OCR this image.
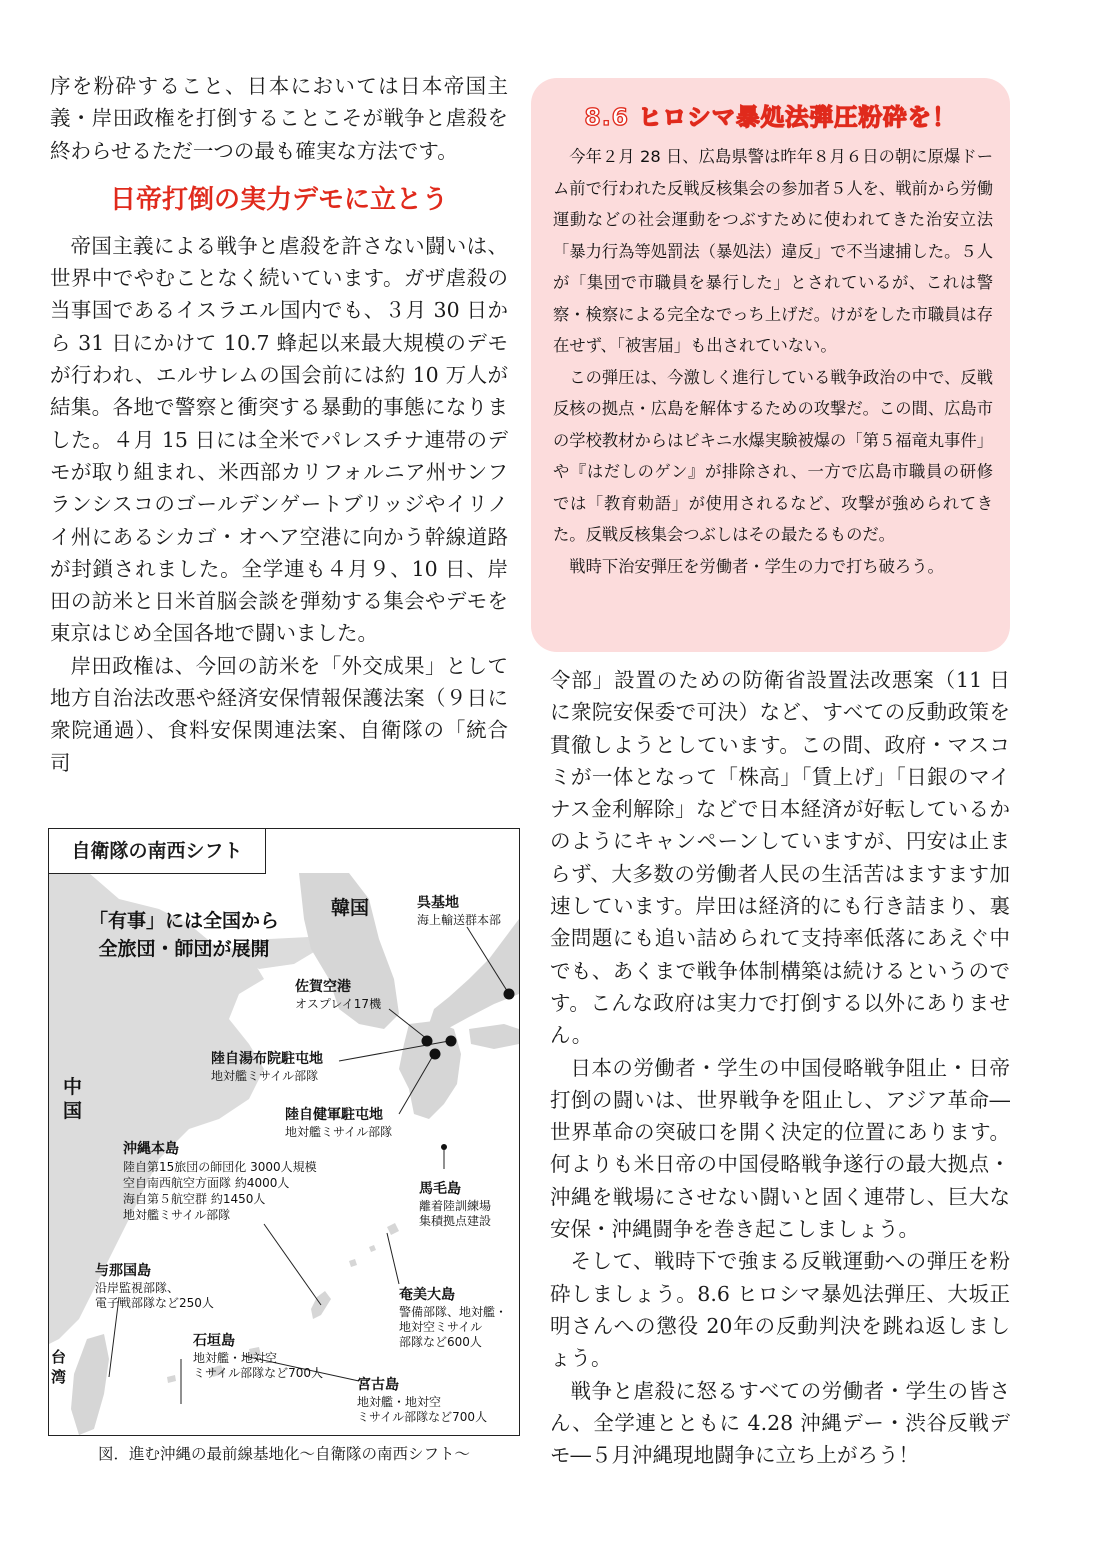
序を粉砕すること、日本においては日本帝国主義・岸田政権を打倒することこそが戦争と虐殺を終わらせるただ一つの最も確実な方法です。

日帝打倒の実力デモに立とう

帝国主義による戦争と虐殺を許さない闘いは、世界中でやむことなく続いています。ガザ虐殺の当事国であるイスラエル国内でも、３月 30 日から 31 日にかけて 10.7 蜂起以来最大規模のデモが行われ、エルサレムの国会前には約 10 万人が結集。各地で警察と衝突する暴動的事態になりました。４月 15 日には全米でパレスチナ連帯のデモが取り組まれ、米西部カリフォルニア州サンフランシスコのゴールデンゲートブリッジやイリノイ州にあるシカゴ・オヘア空港に向かう幹線道路が封鎖されました。全学連も４月９、10 日、岸田の訪米と日米首脳会談を弾劾する集会やデモを東京はじめ全国各地で闘いました。

岸田政権は、今回の訪米を「外交成果」として地方自治法改悪や経済安保情報保護法案（９日に衆院通過）、食料安保関連法案、自衛隊の「統合司

8.6 ヒロシマ暴処法弾圧粉砕を！

今年２月 28 日、広島県警は昨年８月６日の朝に原爆ドーム前で行われた反戦反核集会の参加者５人を、戦前から労働運動などの社会運動をつぶすために使われてきた治安立法「暴力行為等処罰法（暴処法）違反」で不当逮捕した。５人が「集団で市職員を暴行した」とされているが、これは警察・検察による完全なでっち上げだ。けがをした市職員は存在せず、「被害届」も出されていない。

この弾圧は、今激しく進行している戦争政治の中で、反戦反核の拠点・広島を解体するための攻撃だ。この間、広島市の学校教材からはビキニ水爆実験被爆の「第５福竜丸事件」や『はだしのゲン』が排除され、一方で広島市職員の研修では「教育勅語」が使用されるなど、攻撃が強められてきた。反戦反核集会つぶしはその最たるものだ。

戦時下治安弾圧を労働者・学生の力で打ち破ろう。

令部」設置のための防衛省設置法改悪案（11 日に衆院安保委で可決）など、すべての反動政策を貫徹しようとしています。この間、政府・マスコミが一体となって「株高」「賃上げ」「日銀のマイナス金利解除」などで日本経済が好転しているかのようにキャンペーンしていますが、円安は止まらず、大多数の労働者人民の生活苦はますます加速しています。岸田は経済的にも行き詰まり、裏金問題にも追い詰められて支持率低落にあえぐ中でも、あくまで戦争体制構築は続けるというのです。こんな政府は実力で打倒する以外にありません。

日本の労働者・学生の中国侵略戦争阻止・日帝打倒の闘いは、世界戦争を阻止し、アジア革命―世界革命の突破口を開く決定的位置にあります。何よりも米日帝の中国侵略戦争遂行の最大拠点・沖縄を戦場にさせない闘いと固く連帯し、巨大な安保・沖縄闘争を巻き起こしましょう。

そして、戦時下で強まる反戦運動への弾圧を粉砕しましょう。8.6 ヒロシマ暴処法弾圧、大坂正明さんへの懲役 20年の反動判決を跳ね返しましょう。

戦争と虐殺に怒るすべての労働者・学生の皆さん、全学連とともに 4.28 沖縄デー・渋谷反戦デモ―５月沖縄現地闘争に立ち上がろう！

自衛隊の南西シフト
「有事」には全国から
全旅団・師団が展開
韓国
中
国
台
湾
呉基地
海上輸送群本部
佐賀空港
オスプレイ17機
陸自湯布院駐屯地
地対艦ミサイル部隊
陸自健軍駐屯地
地対艦ミサイル部隊
沖縄本島
陸自第15旅団の師団化 3000人規模
空自南西航空方面隊 約4000人
海自第５航空群 約1450人
地対艦ミサイル部隊
馬毛島
離着陸訓練場
集積拠点建設
与那国島
沿岸監視部隊、
電子戦部隊など250人	奄美大島
警備部隊、地対艦・
地対空ミサイル
部隊など600人
石垣島
地対艦・地対空
ミサイル部隊など700人
宮古島
地対艦・地対空
ミサイル部隊など700人
図．進む沖縄の最前線基地化～自衛隊の南西シフト～
